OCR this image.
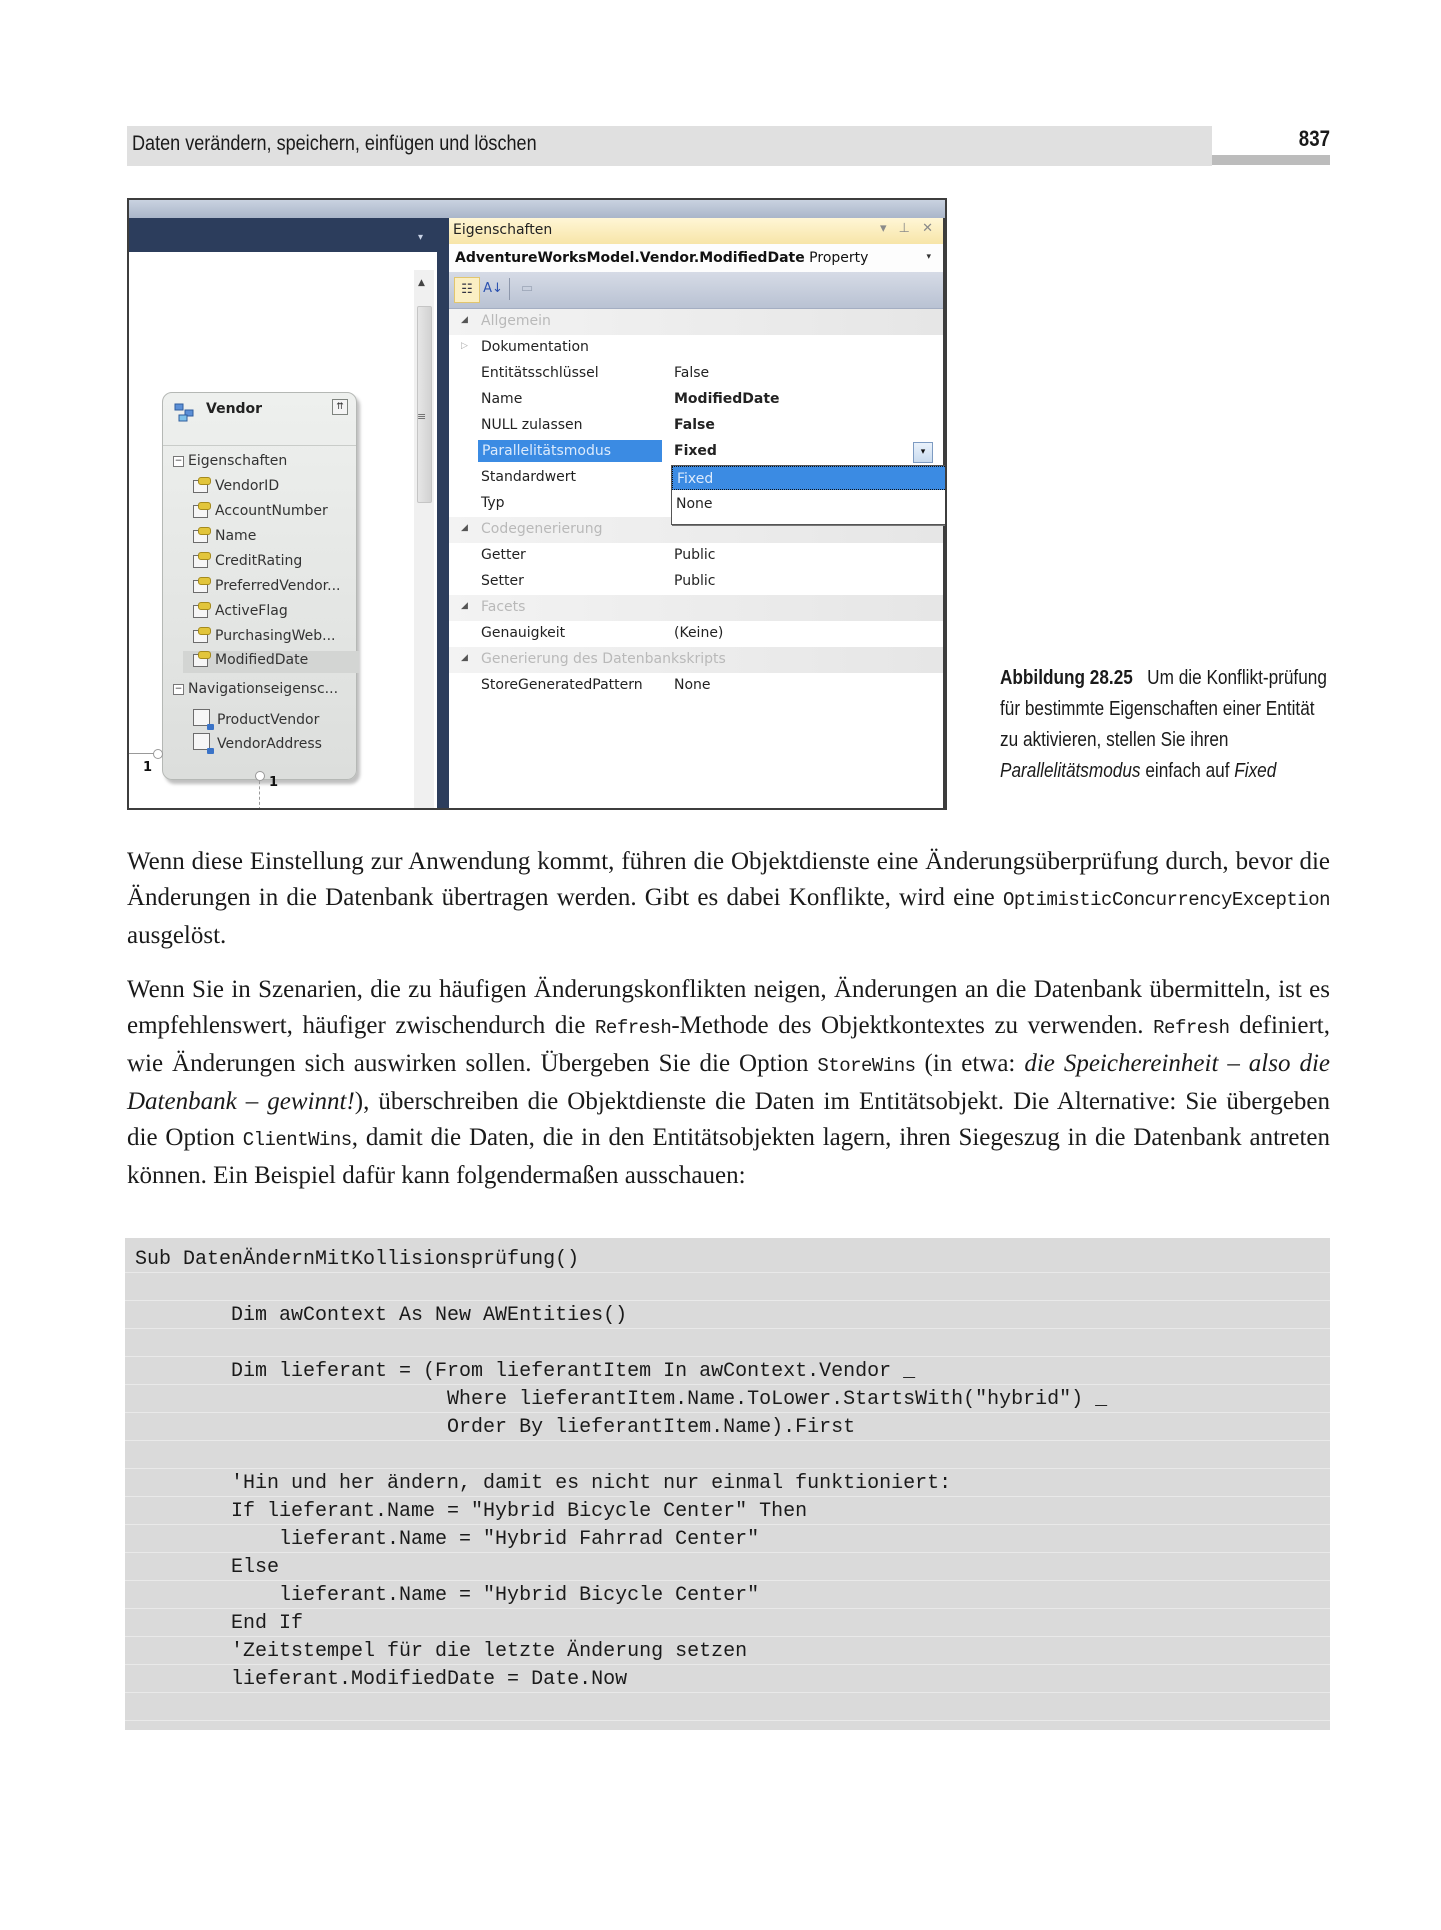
Daten verändern, speichern, einfügen und löschen	837
▾
▲
≡
Vendor	⇈
− Eigenschaften
VendorID
AccountNumber
Name
CreditRating
PreferredVendor...
ActiveFlag
PurchasingWeb...
ModifiedDate
− Navigationseigensc...
ProductVendor
VendorAddress
1
1
Eigenschaften	▾ ⊥ ✕
AdventureWorksModel.Vendor.ModifiedDate Property	▾
☷ A↓	▭
◢ Allgemein
▷ Dokumentation
Entitätsschlüssel	False
Name	ModifiedDate
NULL zulassen	False
Parallelitätsmodus	Fixed	▾
Standardwert
Typ
◢ Codegenerierung
Getter	Public
Setter	Public
◢ Facets
Genauigkeit	(Keine)
◢ Generierung des Datenbankskripts
StoreGeneratedPattern None
Fixed
None
Abbildung 28.25 Um die Konflikt-prüfung für bestimmte Eigenschaften einer Entität zu aktivieren, stellen Sie ihren Parallelitätsmodus einfach auf Fixed

Wenn diese Einstellung zur Anwendung kommt, führen die Objektdienste eine Änderungsüberprüfung durch, bevor die Änderungen in die Datenbank übertragen werden. Gibt es dabei Konflikte, wird eine OptimisticConcurrencyException ausgelöst.

Wenn Sie in Szenarien, die zu häufigen Änderungskonflikten neigen, Änderungen an die Datenbank übermitteln, ist es empfehlenswert, häufiger zwischendurch die Refresh-Methode des Objektkontextes zu verwenden. Refresh definiert, wie Änderungen sich auswirken sollen. Übergeben Sie die Option StoreWins (in etwa: die Speichereinheit – also die Datenbank – gewinnt!), überschreiben die Objektdienste die Daten im Entitätsobjekt. Die Alternative: Sie übergeben die Option ClientWins, damit die Daten, die in den Entitätsobjekten lagern, ihren Siegeszug in die Datenbank antreten können. Ein Beispiel dafür kann folgendermaßen ausschauen:

Sub DatenÄndernMitKollisionsprüfung()
Dim awContext As New AWEntities()
Dim lieferant = (From lieferantItem In awContext.Vendor _
Where lieferantItem.Name.ToLower.StartsWith("hybrid") _
Order By lieferantItem.Name).First
'Hin und her ändern, damit es nicht nur einmal funktioniert:
If lieferant.Name = "Hybrid Bicycle Center" Then
lieferant.Name = "Hybrid Fahrrad Center"
Else
lieferant.Name = "Hybrid Bicycle Center"
End If
'Zeitstempel für die letzte Änderung setzen
lieferant.ModifiedDate = Date.Now
